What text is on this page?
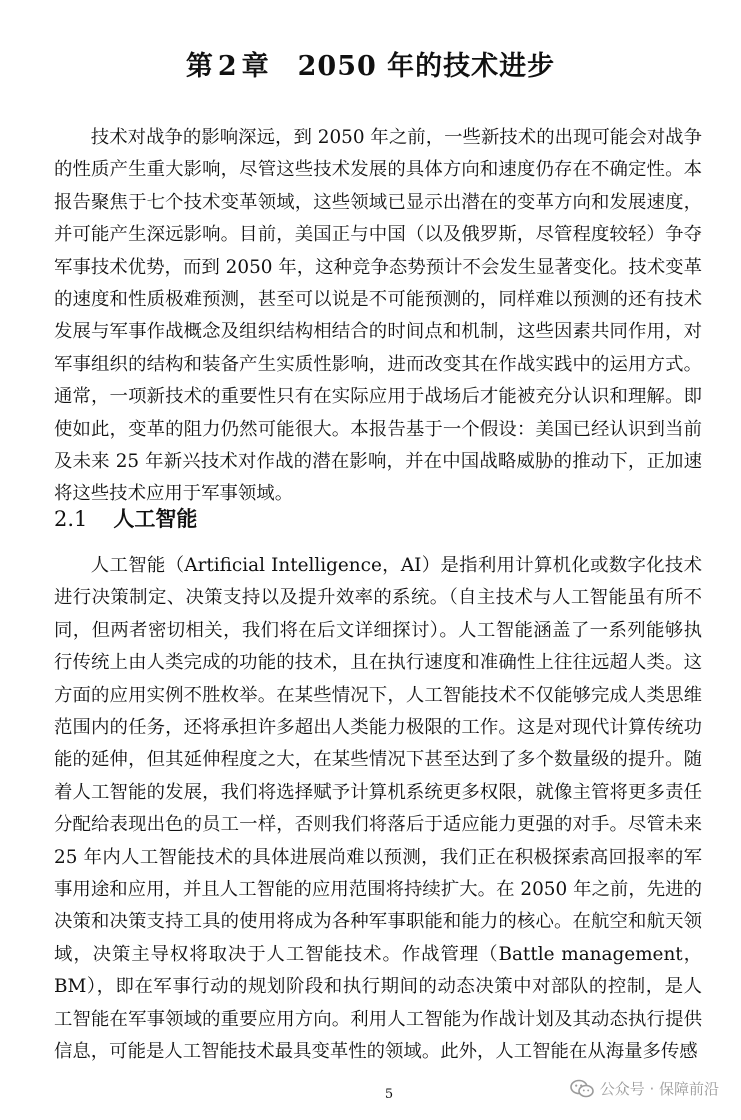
第 2 章 2050 年的技术进步

技术对战争的影响深远，到 2050 年之前，一些新技术的出现可能会对战争的性质产生重大影响，尽管这些技术发展的具体方向和速度仍存在不确定性。本报告聚焦于七个技术变革领域，这些领域已显示出潜在的变革方向和发展速度，并可能产生深远影响。目前，美国正与中国（以及俄罗斯，尽管程度较轻）争夺军事技术优势，而到 2050 年，这种竞争态势预计不会发生显著变化。技术变革的速度和性质极难预测，甚至可以说是不可能预测的，同样难以预测的还有技术发展与军事作战概念及组织结构相结合的时间点和机制，这些因素共同作用，对军事组织的结构和装备产生实质性影响，进而改变其在作战实践中的运用方式。通常，一项新技术的重要性只有在实际应用于战场后才能被充分认识和理解。即使如此，变革的阻力仍然可能很大。本报告基于一个假设：美国已经认识到当前及未来 25 年新兴技术对作战的潜在影响，并在中国战略威胁的推动下，正加速将这些技术应用于军事领域。

2.1 人工智能

人工智能（Artificial Intelligence，AI）是指利用计算机化或数字化技术进行决策制定、决策支持以及提升效率的系统。（自主技术与人工智能虽有所不同，但两者密切相关，我们将在后文详细探讨）。人工智能涵盖了一系列能够执行传统上由人类完成的功能的技术，且在执行速度和准确性上往往远超人类。这方面的应用实例不胜枚举。在某些情况下，人工智能技术不仅能够完成人类思维范围内的任务，还将承担许多超出人类能力极限的工作。这是对现代计算传统功能的延伸，但其延伸程度之大，在某些情况下甚至达到了多个数量级的提升。随着人工智能的发展，我们将选择赋予计算机系统更多权限，就像主管将更多责任分配给表现出色的员工一样，否则我们将落后于适应能力更强的对手。尽管未来 25 年内人工智能技术的具体进展尚难以预测，我们正在积极探索高回报率的军事用途和应用，并且人工智能的应用范围将持续扩大。在 2050 年之前，先进的决策和决策支持工具的使用将成为各种军事职能和能力的核心。在航空和航天领域，决策主导权将取决于人工智能技术。作战管理（Battle management，BM），即在军事行动的规划阶段和执行期间的动态决策中对部队的控制，是人工智能在军事领域的重要应用方向。利用人工智能为作战计划及其动态执行提供信息，可能是人工智能技术最具变革性的领域。此外，人工智能在从海量多传感

5	公众号 · 保障前沿
